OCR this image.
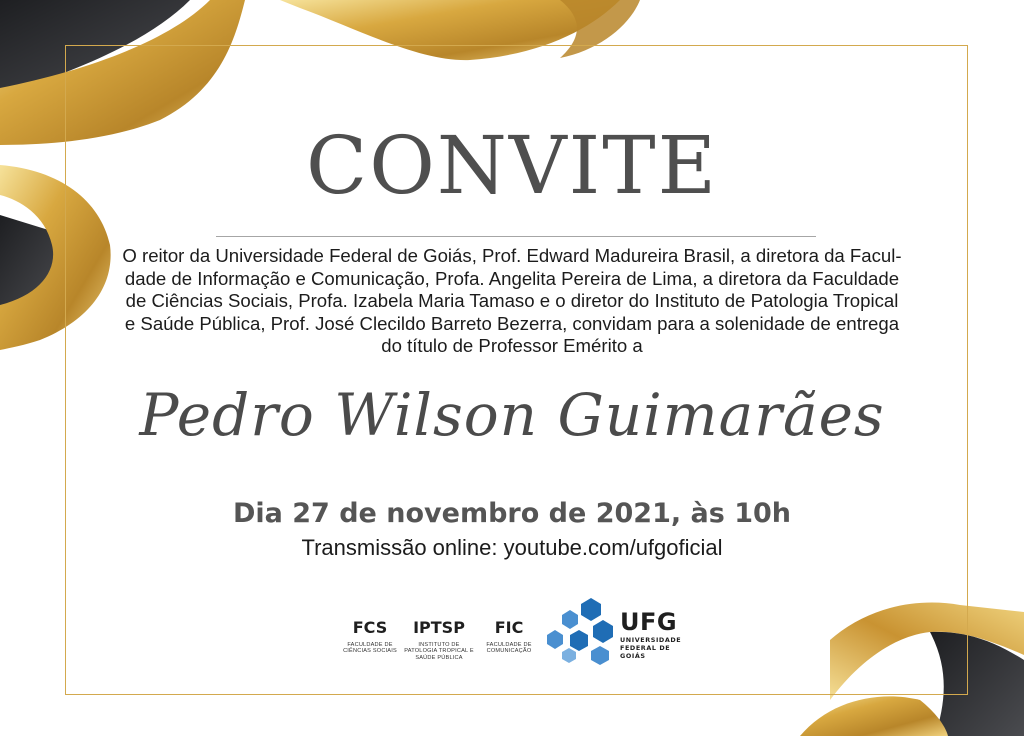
CONVITE
O reitor da Universidade Federal de Goiás, Prof. Edward Madureira Brasil, a diretora da Facul-
dade de Informação e Comunicação, Profa. Angelita Pereira de Lima, a diretora da Faculdade
de Ciências Sociais, Profa. Izabela Maria Tamaso e o diretor do Instituto de Patologia Tropical
e Saúde Pública, Prof. José Clecildo Barreto Bezerra, convidam para a solenidade de entrega
do título de Professor Emérito a
Pedro Wilson Guimarães
Dia 27 de novembro de 2021, às 10h
Transmissão online: youtube.com/ufgoficial
FCS
FACULDADE DE
CIÊNCIAS SOCIAIS
IPTSP
INSTITUTO DE
PATOLOGIA TROPICAL E
SAÚDE PÚBLICA
FIC
FACULDADE DE
COMUNICAÇÃO
UFG
UNIVERSIDADE
FEDERAL DE GOIÁS
